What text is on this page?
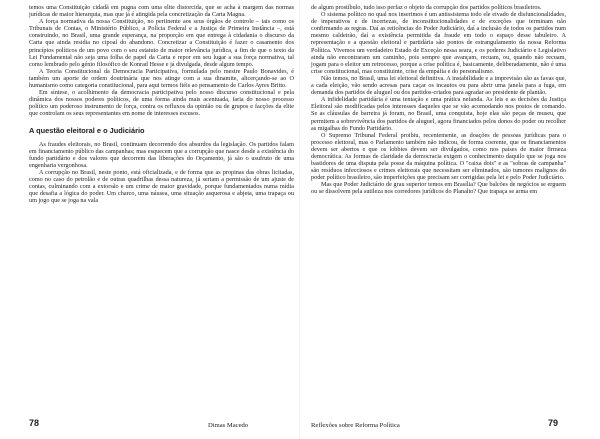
temos uma Constituição cidadã em pugna com uma elite distorcida, que se acha à margem das normas jurídicas de maior hierarquia, mas que já é atingida pela concretização da Carta Magna.

A força normativa da nossa Constituição, no pertinente aos seus órgãos de controle – tais como os Tribunais de Contas, o Ministério Público, a Polícia Federal e a Justiça de Primeira Instância –, está construindo, no Brasil, uma grande esperança, na proporção em que entrega à cidadania o discurso da Carta que ainda residia no cipoal do abandono. Concretizar a Constituição é fazer o casamento dos princípios políticos de um povo com o seu estatuto de maior relevância jurídica, a fim de que o texto da Lei Fundamental não seja uma folha de papel da Carta e repor em seu lugar a sua força normativa, tal como lembrado pelo génio filosófico de Konrad Hesse e já divulgada, desde algum tempo.

A Teoria Constitucional da Democracia Participativa, formulada pelo mestre Paulo Bonavides, é também um aporte de ordem doutrinária que nos atinge com a sua dinamite, alicerçando-se ao O humanismo como categoria constitucional, para aqui termos fiéis ao pensamento de Carlos Ayres Britto.

Em síntese, o acolhimento da democracia participativa pelo nosso discurso constitucional e pela dinâmica dos nossos poderes políticos, de uma forma ainda mais acentuada, faria do nosso processo político um poderoso instrumento de força, contra os refluxos da opinião ou de grupos e facções da elite que controlam os seus representantes em nome de interesses escusos.

A questão eleitoral e o Judiciário

As fraudes eleitorais, no Brasil, continuam decorrendo dos absurdos da legislação. Os partidos falam em financiamento público das campanhas; mas esquecem que a corrupção que nasce desde a existência do fundo partidário e dos valores que decorrem das liberações do Orçamento, já são o usufruto de uma engenharia vergonhosa.

A corrupção no Brasil, neste ponto, está oficializada, e de forma que as propinas das obras licitadas, como no caso do petrolão e de outras quadrilhas dessa natureza, já seriam a permissão de um ajuste de contas, culminando com a extorsão e um crime de maior gravidade, porque fundamentados numa mídia que desafia a lógica do poder. Um charco, uma náusea, uma situação asquerosa e abjeta, uma trapaça ou um jogo que se joga na vala

78	Dimas Macedo

de algum prostíbulo, tudo isso perfaz o objeto da corrupção dos partidos políticos brasileiros.

O sistema político no qual nos inserimos é um antissistema todo ele eivado de disfuncionalidades, de imperativos e de incertezas, de inconstitucionalidades e de exceções que terminam não confirmando as regras. Daí as reticências do Poder Judiciário, daí a inclusão de todos os partidos num mesmo caldeirão, daí a existência permitida da fraude em todo o espaço desse tabuleiro. A representação e a questão eleitoral e partidária são pontos de estrangulamento da nossa Reforma Política. Vivemos um verdadeiro Estado de Exceção nessa seara, e os poderes Judiciário e Legislativo ainda não encontraram um caminho, pois sempre que avançam, recuam, ou, quando não recuam, jogam para o eleitor um retrocesso, porque a crise política é, basicamente, deliberadamente, não é uma crise constitucional, mas constituinte, crise da empáfia e do personalismo.

Não temos, no Brasil, uma lei eleitoral definitiva. A instabilidade e a imprevisão são as favas que, a cada eleição, vão sendo acresas para caçar os incautos ou para abrir uma janela para a fuga, em demanda dos partidos de aluguel ou dos partidos-criados para agradar ao presidente de plantão.

A infidelidade partidária é uma tentação e uma prática nefanda. As leis e as decisões da Justiça Eleitoral são modificadas pelos interesses daqueles que se vão acomodando nos postos de comando. Se as cláusulas de barreira já foram, no Brasil, uma conquista, hoje elas são peças de museu, que permitem a sobrevivência dos partidos de aluguel, agora financiados pelos donos do poder ou recolher as migalhas do Fundo Partidário.

O Supremo Tribunal Federal proibiu, recentemente, as doações de pessoas jurídicas para o processo eleitoral, mas o Parlamento também não indicou, de forma coerente, que os financiamentos devem ser abertos e que os lobbies devem ser divulgados, como nos países de maior firmeza democrática. As formas de claridade da democracia exigem o conhecimento daquilo que se joga nos bastidores de uma disputa pela posse da máquina política. O "caixa dois" e as "sobras de campanha" são resíduos infecciosos e crimes eleitorais que necessitam ser eliminados, são tumores malignos do poder político brasileiro, são imperfeições que precisam ser corrigidas pela lei e pelo Poder Judiciário.

Mas que Poder Judiciário de grau superior temos em Brasília? Que balcões de negócios se erguem ou se dissolvem pela sutileza nos corredores jurídicos do Planalto? Que trapaça se arma em

Reflexões sobre Reforma Política	79
